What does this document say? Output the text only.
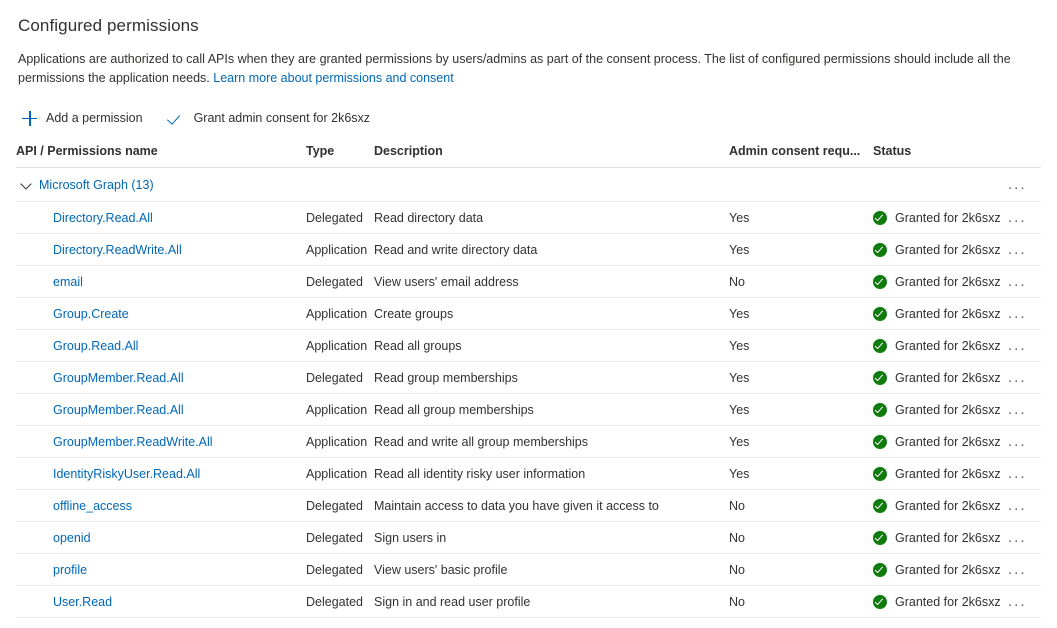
Configured permissions
Applications are authorized to call APIs when they are granted permissions by users/admins as part of the consent process. The list of configured permissions should include all the permissions the application needs. Learn more about permissions and consent
Add a permission	Grant admin consent for 2k6sxz
API / Permissions name	Type	Description	Admin consent requ...	Status	

Microsoft Graph (13)					...
Directory.Read.All	Delegated	Read directory data	Yes	Granted for 2k6sxz	...
Directory.ReadWrite.All	Application	Read and write directory data	Yes	Granted for 2k6sxz	...
email	Delegated	View users' email address	No	Granted for 2k6sxz	...
Group.Create	Application	Create groups	Yes	Granted for 2k6sxz	...
Group.Read.All	Application	Read all groups	Yes	Granted for 2k6sxz	...
GroupMember.Read.All	Delegated	Read group memberships	Yes	Granted for 2k6sxz	...
GroupMember.Read.All	Application	Read all group memberships	Yes	Granted for 2k6sxz	...
GroupMember.ReadWrite.All	Application	Read and write all group memberships	Yes	Granted for 2k6sxz	...
IdentityRiskyUser.Read.All	Application	Read all identity risky user information	Yes	Granted for 2k6sxz	...
offline_access	Delegated	Maintain access to data you have given it access to	No	Granted for 2k6sxz	...
openid	Delegated	Sign users in	No	Granted for 2k6sxz	...
profile	Delegated	View users' basic profile	No	Granted for 2k6sxz	...
User.Read	Delegated	Sign in and read user profile	No	Granted for 2k6sxz	...
